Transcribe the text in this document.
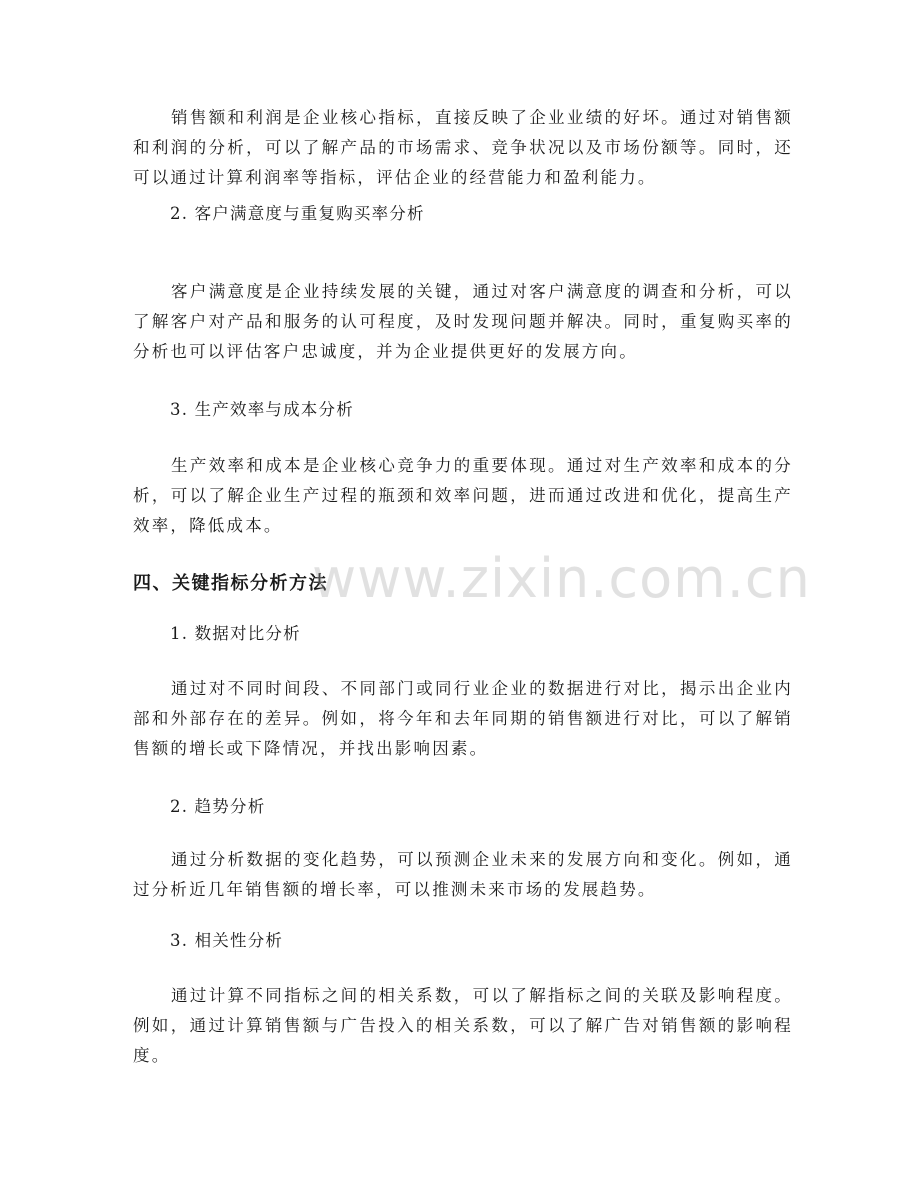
销售额和利润是企业核心指标，直接反映了企业业绩的好坏。通过对销售额和利润的分析，可以了解产品的市场需求、竞争状况以及市场份额等。同时，还可以通过计算利润率等指标，评估企业的经营能力和盈利能力。

2. 客户满意度与重复购买率分析

客户满意度是企业持续发展的关键，通过对客户满意度的调查和分析，可以了解客户对产品和服务的认可程度，及时发现问题并解决。同时，重复购买率的分析也可以评估客户忠诚度，并为企业提供更好的发展方向。

3. 生产效率与成本分析

生产效率和成本是企业核心竞争力的重要体现。通过对生产效率和成本的分析，可以了解企业生产过程的瓶颈和效率问题，进而通过改进和优化，提高生产效率，降低成本。

四、关键指标分析方法

1. 数据对比分析

通过对不同时间段、不同部门或同行业企业的数据进行对比，揭示出企业内部和外部存在的差异。例如，将今年和去年同期的销售额进行对比，可以了解销售额的增长或下降情况，并找出影响因素。

2. 趋势分析

通过分析数据的变化趋势，可以预测企业未来的发展方向和变化。例如，通过分析近几年销售额的增长率，可以推测未来市场的发展趋势。

3. 相关性分析

通过计算不同指标之间的相关系数，可以了解指标之间的关联及影响程度。例如，通过计算销售额与广告投入的相关系数，可以了解广告对销售额的影响程度。

www.zixin.com.cn
